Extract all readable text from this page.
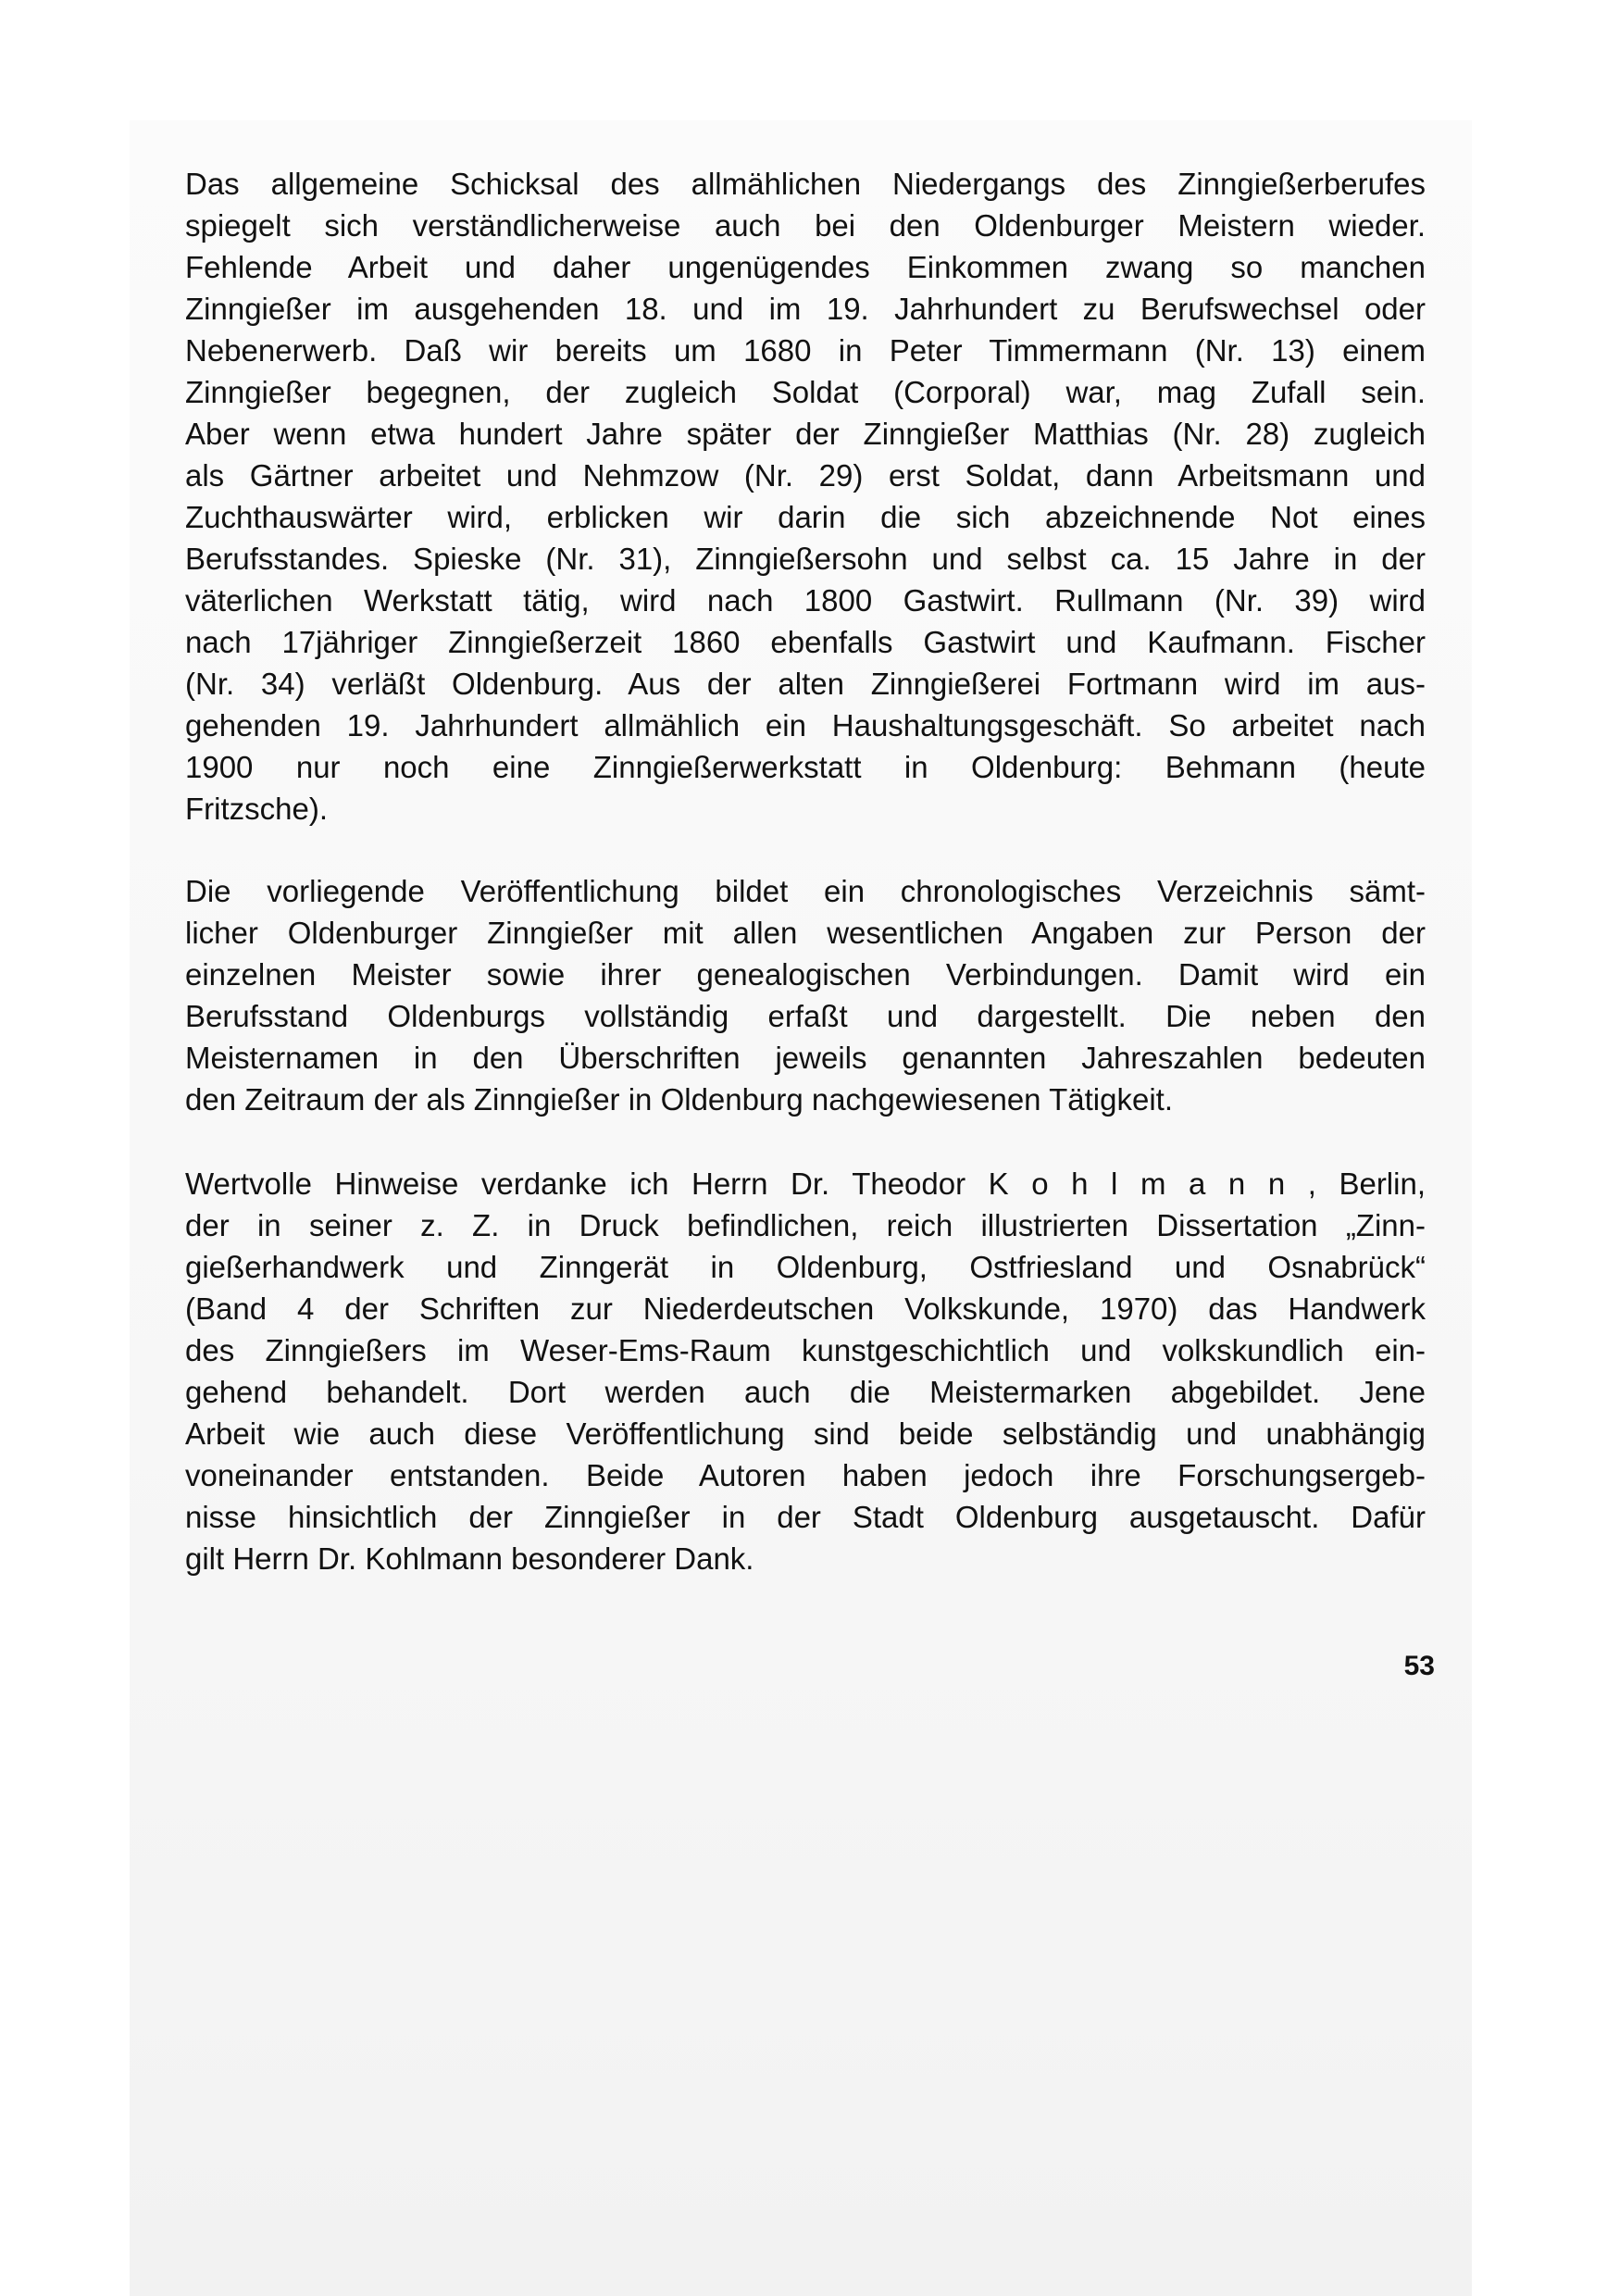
Das allgemeine Schicksal des allmählichen Niedergangs des Zinngießerberufes
spiegelt sich verständlicherweise auch bei den Oldenburger Meistern wieder.
Fehlende Arbeit und daher ungenügendes Einkommen zwang so manchen
Zinngießer im ausgehenden 18. und im 19. Jahrhundert zu Berufswechsel oder
Nebenerwerb. Daß wir bereits um 1680 in Peter Timmermann (Nr. 13) einem
Zinngießer begegnen, der zugleich Soldat (Corporal) war, mag Zufall sein.
Aber wenn etwa hundert Jahre später der Zinngießer Matthias (Nr. 28) zugleich
als Gärtner arbeitet und Nehmzow (Nr. 29) erst Soldat, dann Arbeitsmann und
Zuchthauswärter wird, erblicken wir darin die sich abzeichnende Not eines
Berufsstandes. Spieske (Nr. 31), Zinngießersohn und selbst ca. 15 Jahre in der
väterlichen Werkstatt tätig, wird nach 1800 Gastwirt. Rullmann (Nr. 39) wird
nach 17jähriger Zinngießerzeit 1860 ebenfalls Gastwirt und Kaufmann. Fischer
(Nr. 34) verläßt Oldenburg. Aus der alten Zinngießerei Fortmann wird im aus-
gehenden 19. Jahrhundert allmählich ein Haushaltungsgeschäft. So arbeitet nach
1900 nur noch eine Zinngießerwerkstatt in Oldenburg: Behmann (heute
Fritzsche).
Die vorliegende Veröffentlichung bildet ein chronologisches Verzeichnis sämt-
licher Oldenburger Zinngießer mit allen wesentlichen Angaben zur Person der
einzelnen Meister sowie ihrer genealogischen Verbindungen. Damit wird ein
Berufsstand Oldenburgs vollständig erfaßt und dargestellt. Die neben den
Meisternamen in den Überschriften jeweils genannten Jahreszahlen bedeuten
den Zeitraum der als Zinngießer in Oldenburg nachgewiesenen Tätigkeit.
Wertvolle Hinweise verdanke ich Herrn Dr. Theodor K o h l m a n n , Berlin,
der in seiner z. Z. in Druck befindlichen, reich illustrierten Dissertation „Zinn-
gießerhandwerk und Zinngerät in Oldenburg, Ostfriesland und Osnabrück“
(Band 4 der Schriften zur Niederdeutschen Volkskunde, 1970) das Handwerk
des Zinngießers im Weser-Ems-Raum kunstgeschichtlich und volkskundlich ein-
gehend behandelt. Dort werden auch die Meistermarken abgebildet. Jene
Arbeit wie auch diese Veröffentlichung sind beide selbständig und unabhängig
voneinander entstanden. Beide Autoren haben jedoch ihre Forschungsergeb-
nisse hinsichtlich der Zinngießer in der Stadt Oldenburg ausgetauscht. Dafür
gilt Herrn Dr. Kohlmann besonderer Dank.
53
